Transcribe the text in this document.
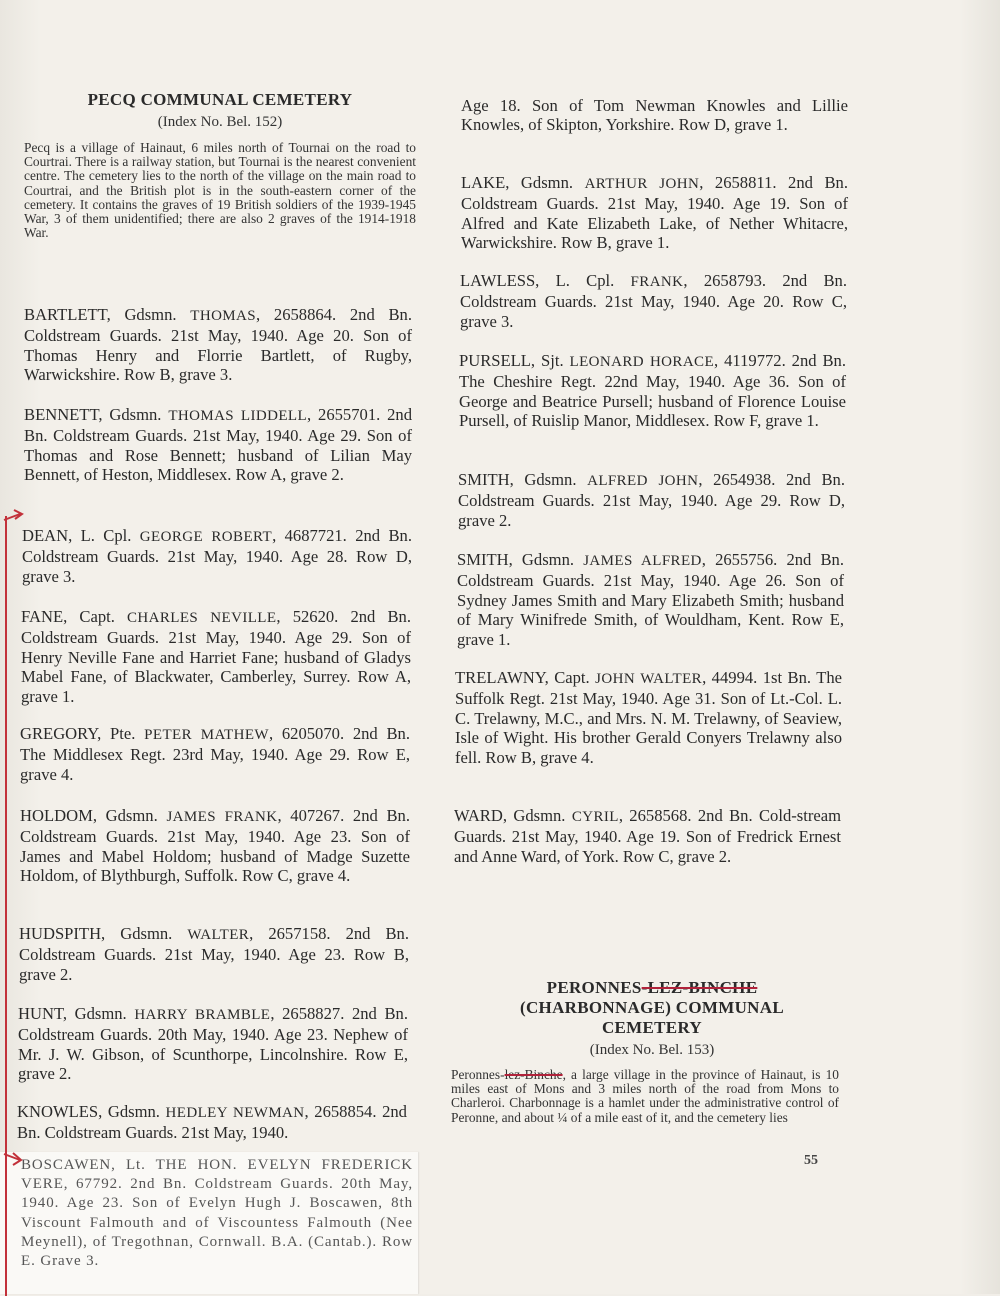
PECQ COMMUNAL CEMETERY
(Index No. Bel. 152)
Pecq is a village of Hainaut, 6 miles north of Tournai on the road to Courtrai. There is a railway station, but Tournai is the nearest convenient centre. The cemetery lies to the north of the village on the main road to Courtrai, and the British plot is in the south-eastern corner of the cemetery. It contains the graves of 19 British soldiers of the 1939-1945 War, 3 of them unidentified; there are also 2 graves of the 1914-1918 War.
BARTLETT, Gdsmn. THOMAS, 2658864. 2nd Bn. Coldstream Guards. 21st May, 1940. Age 20. Son of Thomas Henry and Florrie Bartlett, of Rugby, Warwickshire. Row B, grave 3.
BENNETT, Gdsmn. THOMAS LIDDELL, 2655701. 2nd Bn. Coldstream Guards. 21st May, 1940. Age 29. Son of Thomas and Rose Bennett; husband of Lilian May Bennett, of Heston, Middlesex. Row A, grave 2.
DEAN, L. Cpl. GEORGE ROBERT, 4687721. 2nd Bn. Coldstream Guards. 21st May, 1940. Age 28. Row D, grave 3.
FANE, Capt. CHARLES NEVILLE, 52620. 2nd Bn. Coldstream Guards. 21st May, 1940. Age 29. Son of Henry Neville Fane and Harriet Fane; husband of Gladys Mabel Fane, of Blackwater, Camberley, Surrey. Row A, grave 1.
GREGORY, Pte. PETER MATHEW, 6205070. 2nd Bn. The Middlesex Regt. 23rd May, 1940. Age 29. Row E, grave 4.
HOLDOM, Gdsmn. JAMES FRANK, 407267. 2nd Bn. Coldstream Guards. 21st May, 1940. Age 23. Son of James and Mabel Holdom; husband of Madge Suzette Holdom, of Blythburgh, Suffolk. Row C, grave 4.
HUDSPITH, Gdsmn. WALTER, 2657158. 2nd Bn. Coldstream Guards. 21st May, 1940. Age 23. Row B, grave 2.
HUNT, Gdsmn. HARRY BRAMBLE, 2658827. 2nd Bn. Coldstream Guards. 20th May, 1940. Age 23. Nephew of Mr. J. W. Gibson, of Scunthorpe, Lincolnshire. Row E, grave 2.
KNOWLES, Gdsmn. HEDLEY NEWMAN, 2658854. 2nd Bn. Coldstream Guards. 21st May, 1940.
Age 18. Son of Tom Newman Knowles and Lillie Knowles, of Skipton, Yorkshire. Row D, grave 1.
LAKE, Gdsmn. ARTHUR JOHN, 2658811. 2nd Bn. Coldstream Guards. 21st May, 1940. Age 19. Son of Alfred and Kate Elizabeth Lake, of Nether Whitacre, Warwickshire. Row B, grave 1.
LAWLESS, L. Cpl. FRANK, 2658793. 2nd Bn. Coldstream Guards. 21st May, 1940. Age 20. Row C, grave 3.
PURSELL, Sjt. LEONARD HORACE, 4119772. 2nd Bn. The Cheshire Regt. 22nd May, 1940. Age 36. Son of George and Beatrice Pursell; husband of Florence Louise Pursell, of Ruislip Manor, Middlesex. Row F, grave 1.
SMITH, Gdsmn. ALFRED JOHN, 2654938. 2nd Bn. Coldstream Guards. 21st May, 1940. Age 29. Row D, grave 2.
SMITH, Gdsmn. JAMES ALFRED, 2655756. 2nd Bn. Coldstream Guards. 21st May, 1940. Age 26. Son of Sydney James Smith and Mary Elizabeth Smith; husband of Mary Winifrede Smith, of Wouldham, Kent. Row E, grave 1.
TRELAWNY, Capt. JOHN WALTER, 44994. 1st Bn. The Suffolk Regt. 21st May, 1940. Age 31. Son of Lt.-Col. L. C. Trelawny, M.C., and Mrs. N. M. Trelawny, of Seaview, Isle of Wight. His brother Gerald Conyers Trelawny also fell. Row B, grave 4.
WARD, Gdsmn. CYRIL, 2658568. 2nd Bn. Cold-stream Guards. 21st May, 1940. Age 19. Son of Fredrick Ernest and Anne Ward, of York. Row C, grave 2.
PERONNES-LEZ-BINCHE
(CHARBONNAGE) COMMUNAL
CEMETERY
(Index No. Bel. 153)
Peronnes-lez-Binche, a large village in the province of Hainaut, is 10 miles east of Mons and 3 miles north of the road from Mons to Charleroi. Charbonnage is a hamlet under the administrative control of Peronne, and about ¼ of a mile east of it, and the cemetery lies
55
BOSCAWEN, Lt. THE HON. EVELYN FREDERICK VERE, 67792. 2nd Bn. Coldstream Guards. 20th May, 1940. Age 23. Son of Evelyn Hugh J. Boscawen, 8th Viscount Falmouth and of Viscountess Falmouth (Nee Meynell), of Tregothnan, Cornwall. B.A. (Cantab.). Row E. Grave 3.
